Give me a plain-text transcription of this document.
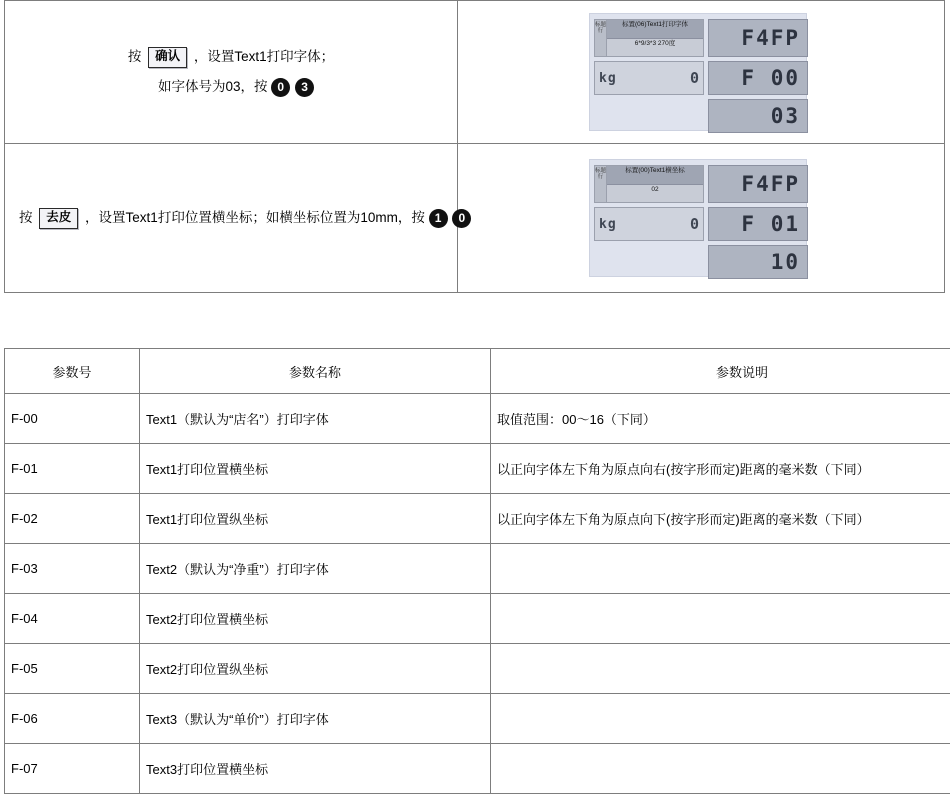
按 确认 ，设置Text1打印字体；
如字体号为03，按 0 3

标题行
标置(06)Text1打印字体
6*9/3*3 270度	F4FP
kg	0	F 00
03

按 去皮 ，设置Text1打印位置横坐标；如横坐标位置为10mm，按 1 0

标题行
标置(00)Text1横坐标
02	F4FP
kg	0	F 01
10
参数号	参数名称	参数说明
F-00	Text1（默认为“店名”）打印字体	取值范围：00～16（下同）
F-01	Text1打印位置横坐标	以正向字体左下角为原点向右(按字形而定)距离的毫米数（下同）
F-02	Text1打印位置纵坐标	以正向字体左下角为原点向下(按字形而定)距离的毫米数（下同）
F-03	Text2（默认为“净重”）打印字体	
F-04	Text2打印位置横坐标	
F-05	Text2打印位置纵坐标	
F-06	Text3（默认为“单价”）打印字体	
F-07	Text3打印位置横坐标	
